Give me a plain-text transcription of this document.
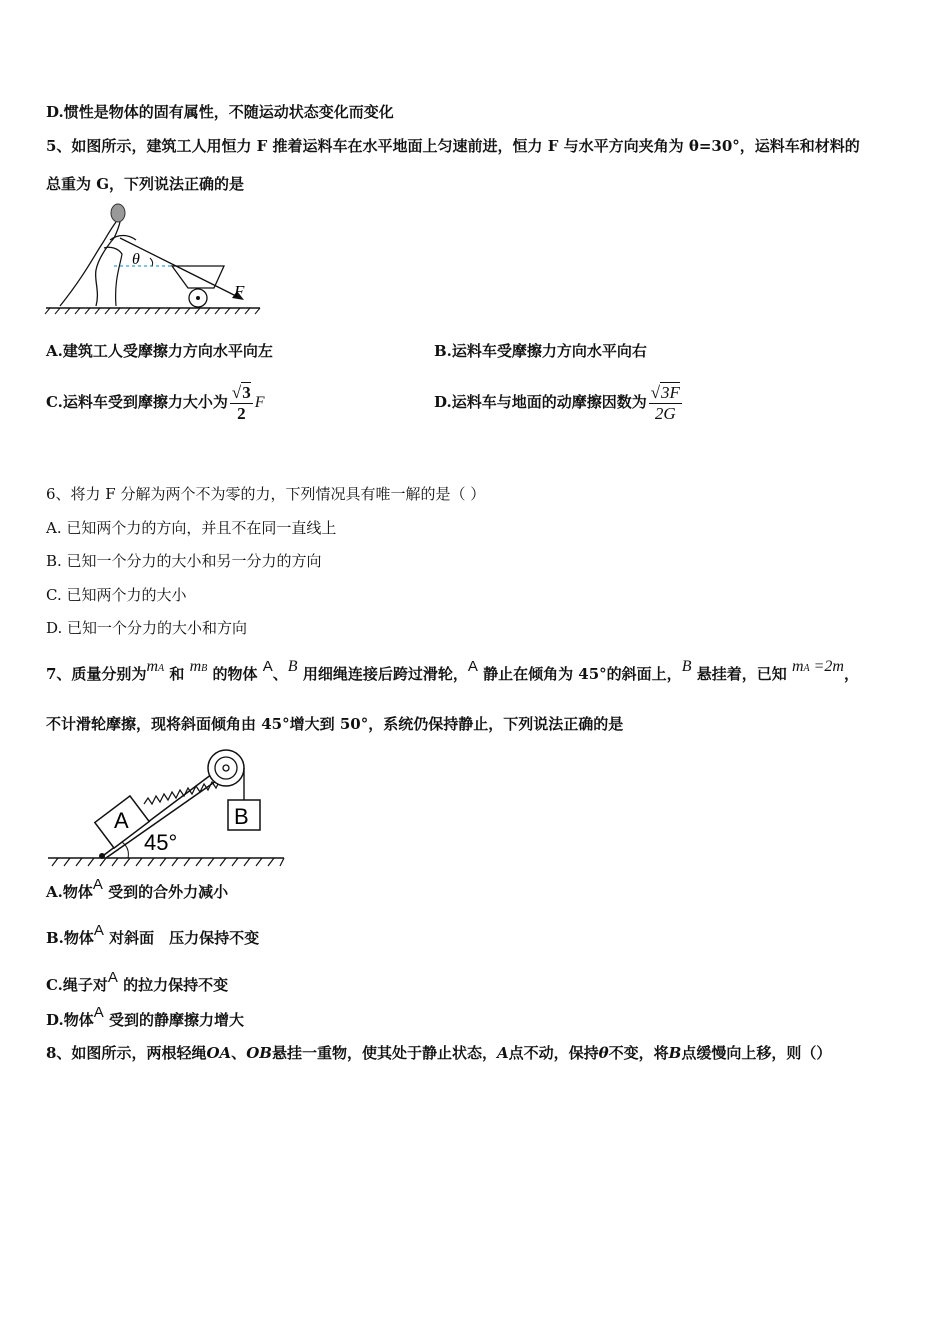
D.惯性是物体的固有属性，不随运动状态变化而变化
5、如图所示，建筑工人用恒力 F 推着运料车在水平地面上匀速前进，恒力 F 与水平方向夹角为 θ=30°，运料车和材料的
总重为 G，下列说法正确的是
θ
F
A.建筑工人受摩擦力方向水平向左	B.运料车受摩擦力方向水平向右
C.运料车受到摩擦力大小为 $\frac{√3}{2}$ F	D.运料车与地面的动摩擦因数为 $\frac{√3F}{2G}$
6、将力 F 分解为两个不为零的力，下列情况具有唯一解的是（ ）
A. 已知两个力的方向，并且不在同一直线上
B. 已知一个分力的大小和另一分力的方向
C. 已知两个力的大小
D. 已知一个分力的大小和方向
7、质量分别为mA 和 mB 的物体 A、B 用细绳连接后跨过滑轮，A 静止在倾角为 45°的斜面上，B 悬挂着，已知 mA =2m，
不计滑轮摩擦，现将斜面倾角由 45°增大到 50°，系统仍保持静止，下列说法正确的是
A	B
45°
A.物体A 受到的合外力减小
B.物体A 对斜面　压力保持不变
C.绳子对A 的拉力保持不变
D.物体A 受到的静摩擦力增大
8、如图所示，两根轻绳OA、OB悬挂一重物，使其处于静止状态，A点不动，保持θ不变，将B点缓慢向上移，则（）
